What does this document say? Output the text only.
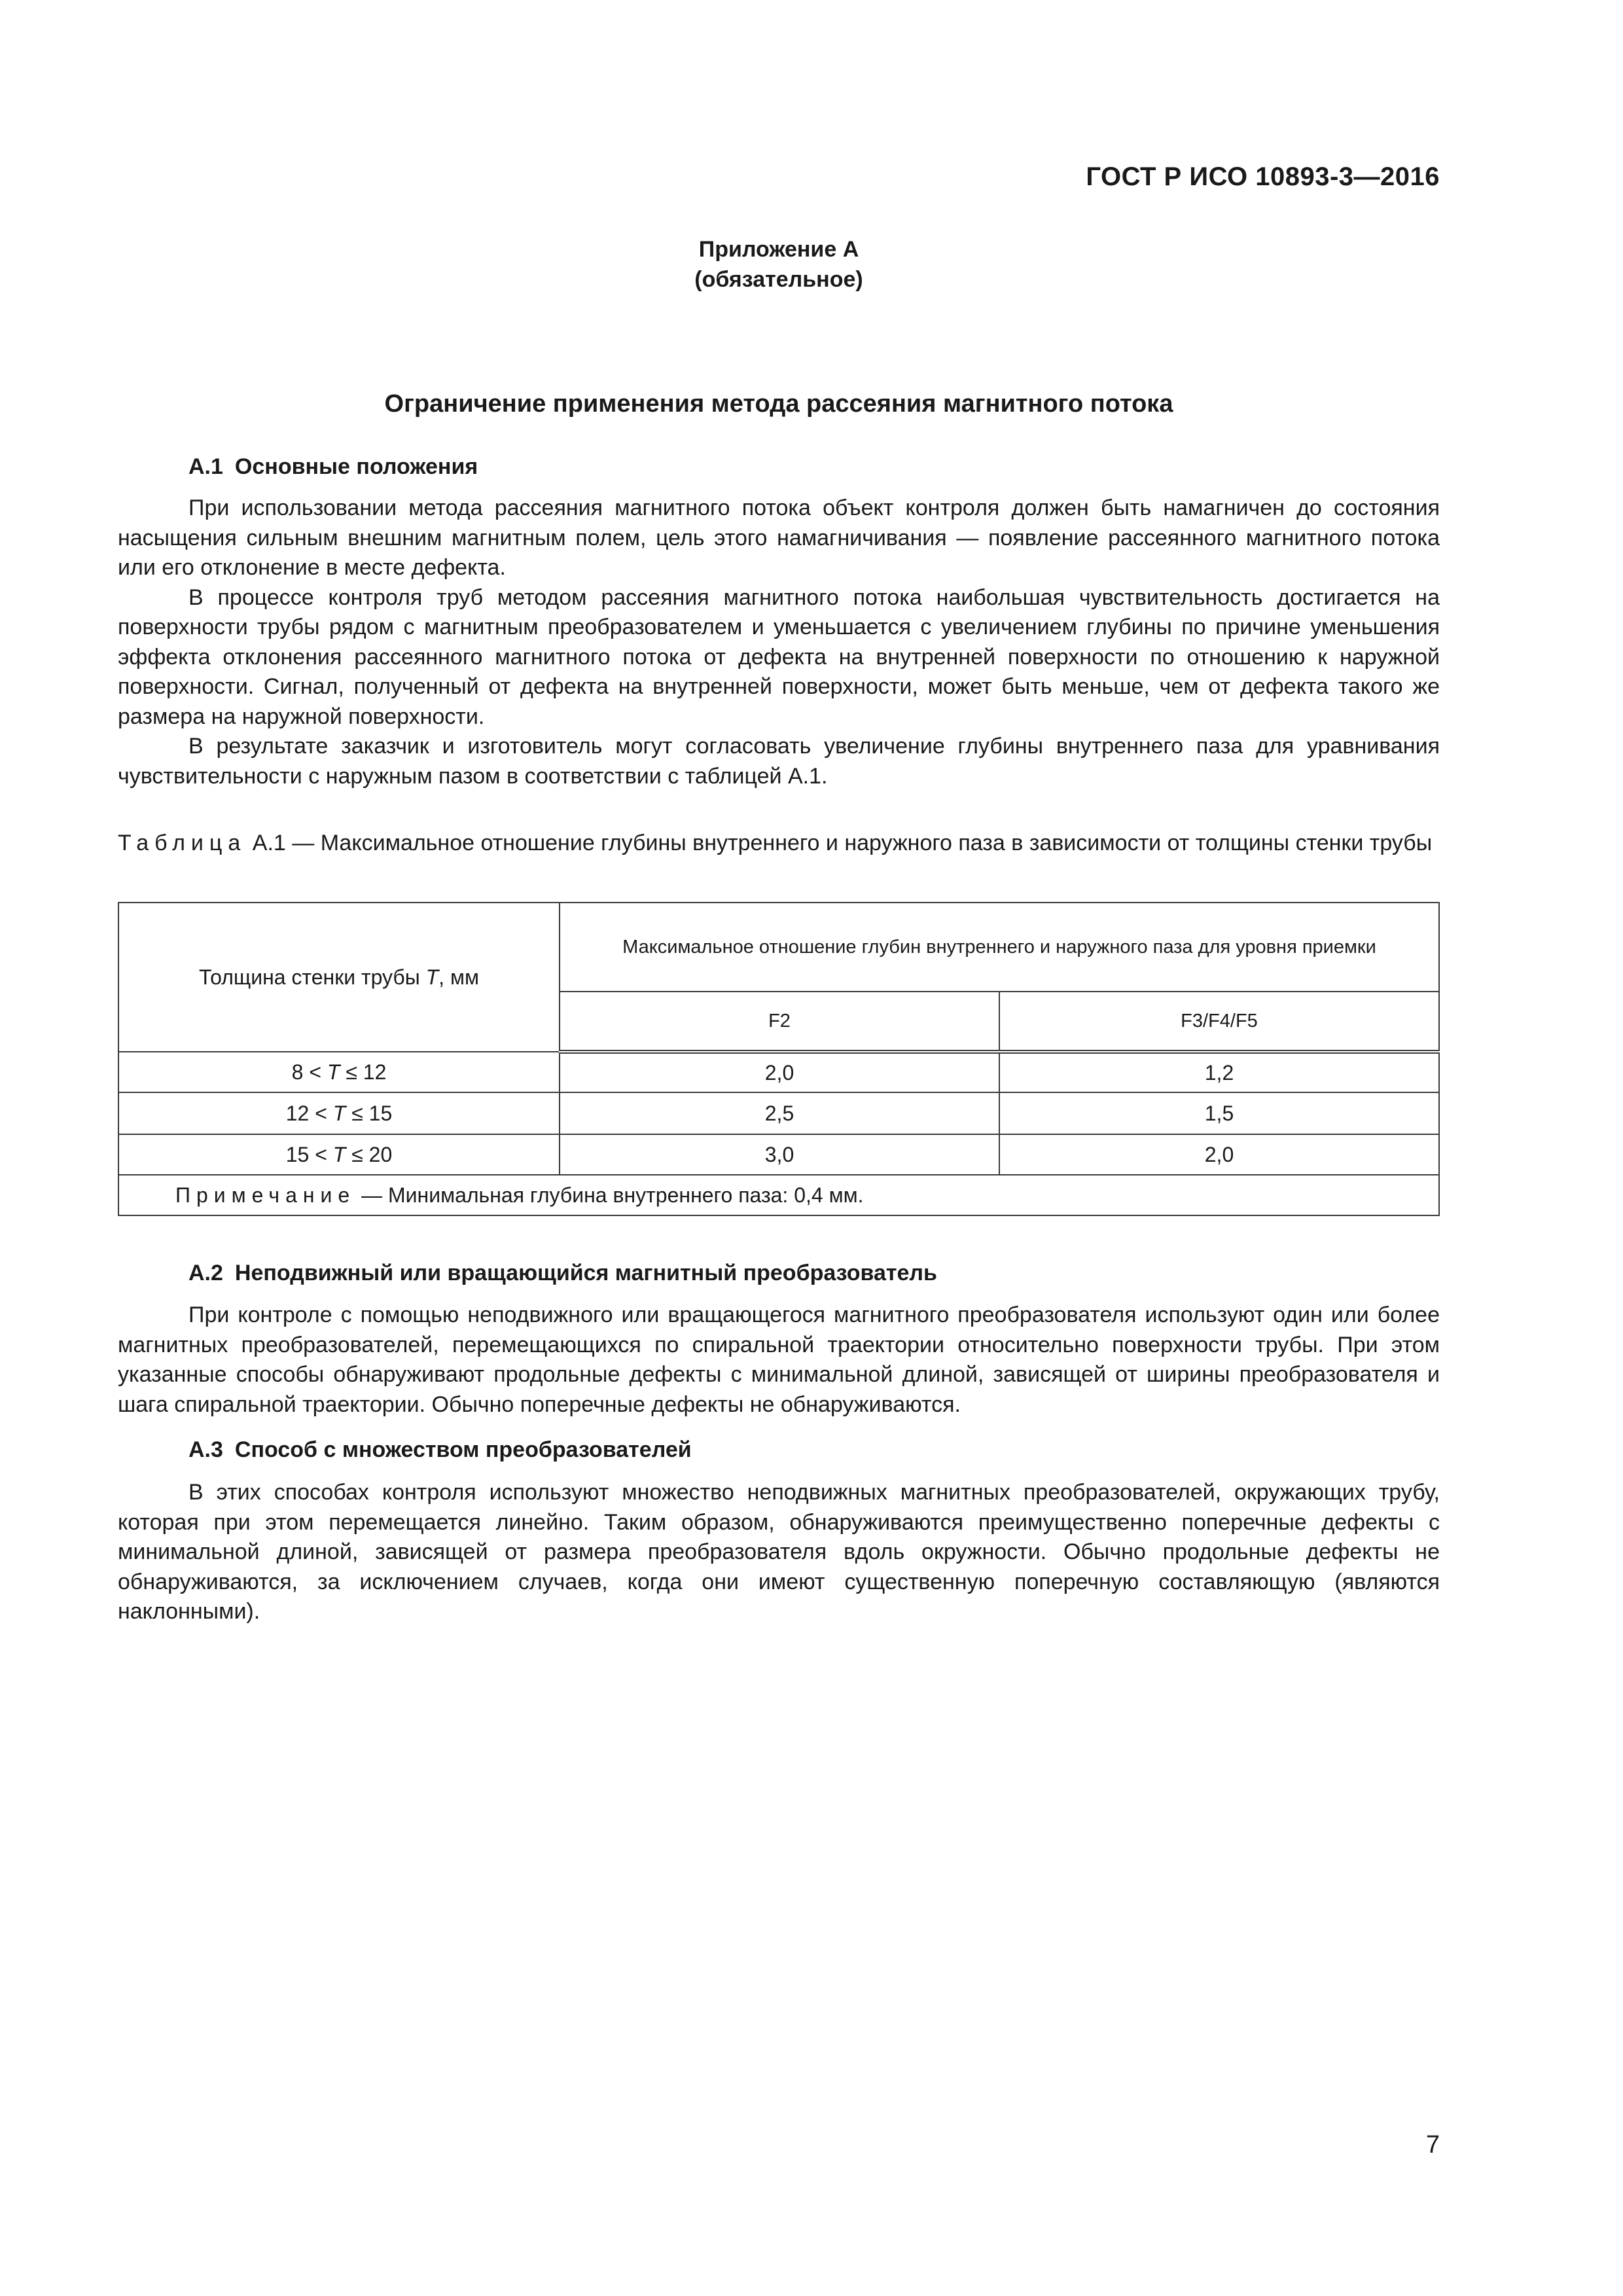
ГОСТ Р ИСО 10893-3—2016
Приложение А
(обязательное)
Ограничение применения метода рассеяния магнитного потока
А.1 Основные положения

При использовании метода рассеяния магнитного потока объект контроля должен быть намагничен до состояния насыщения сильным внешним магнитным полем, цель этого намагничивания — появление рассеянного магнитного потока или его отклонение в месте дефекта.

В процессе контроля труб методом рассеяния магнитного потока наибольшая чувствительность достигается на поверхности трубы рядом с магнитным преобразователем и уменьшается с увеличением глубины по причине уменьшения эффекта отклонения рассеянного магнитного потока от дефекта на внутренней поверхности по отношению к наружной поверхности. Сигнал, полученный от дефекта на внутренней поверхности, может быть меньше, чем от дефекта такого же размера на наружной поверхности.

В результате заказчик и изготовитель могут согласовать увеличение глубины внутреннего паза для уравнивания чувствительности с наружным пазом в соответствии с таблицей А.1.

Таблица А.1 — Максимальное отношение глубины внутреннего и наружного паза в зависимости от толщины стенки трубы
Толщина стенки трубы T, мм	Максимальное отношение глубин внутреннего и наружного паза для уровня приемки	
	F2	F3/F4/F5
8 < T ≤ 12	2,0	1,2
12 < T ≤ 15	2,5	1,5
15 < T ≤ 20	3,0	2,0
Примечание — Минимальная глубина внутреннего паза: 0,4 мм.		
А.2 Неподвижный или вращающийся магнитный преобразователь

При контроле с помощью неподвижного или вращающегося магнитного преобразователя используют один или более магнитных преобразователей, перемещающихся по спиральной траектории относительно поверхности трубы. При этом указанные способы обнаруживают продольные дефекты с минимальной длиной, зависящей от ширины преобразователя и шага спиральной траектории. Обычно поперечные дефекты не обнаруживаются.

А.3 Способ с множеством преобразователей

В этих способах контроля используют множество неподвижных магнитных преобразователей, окружающих трубу, которая при этом перемещается линейно. Таким образом, обнаруживаются преимущественно поперечные дефекты с минимальной длиной, зависящей от размера преобразователя вдоль окружности. Обычно продольные дефекты не обнаруживаются, за исключением случаев, когда они имеют существенную поперечную составляющую (являются наклонными).

7
